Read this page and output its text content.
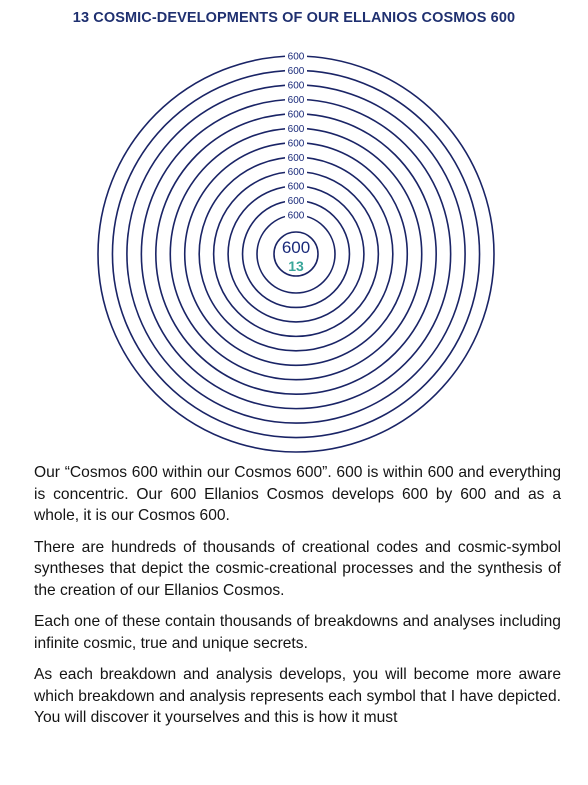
13 COSMIC-DEVELOPMENTS OF OUR ELLANIOS COSMOS 600
600
600
600
600
600
600
600
600
600
600
600
600
600
13

Our “Cosmos 600 within our Cosmos 600”. 600 is within 600 and everything is concentric. Our 600 Ellanios Cosmos develops 600 by 600 and as a whole, it is our Cosmos 600.

There are hundreds of thousands of creational codes and cosmic-symbol syntheses that depict the cosmic-creational processes and the synthesis of the creation of our Ellanios Cosmos.

Each one of these contain thousands of breakdowns and analyses including infinite cosmic, true and unique secrets.

As each breakdown and analysis develops, you will become more aware which breakdown and analysis represents each symbol that I have depicted. You will discover it yourselves and this is how it must
